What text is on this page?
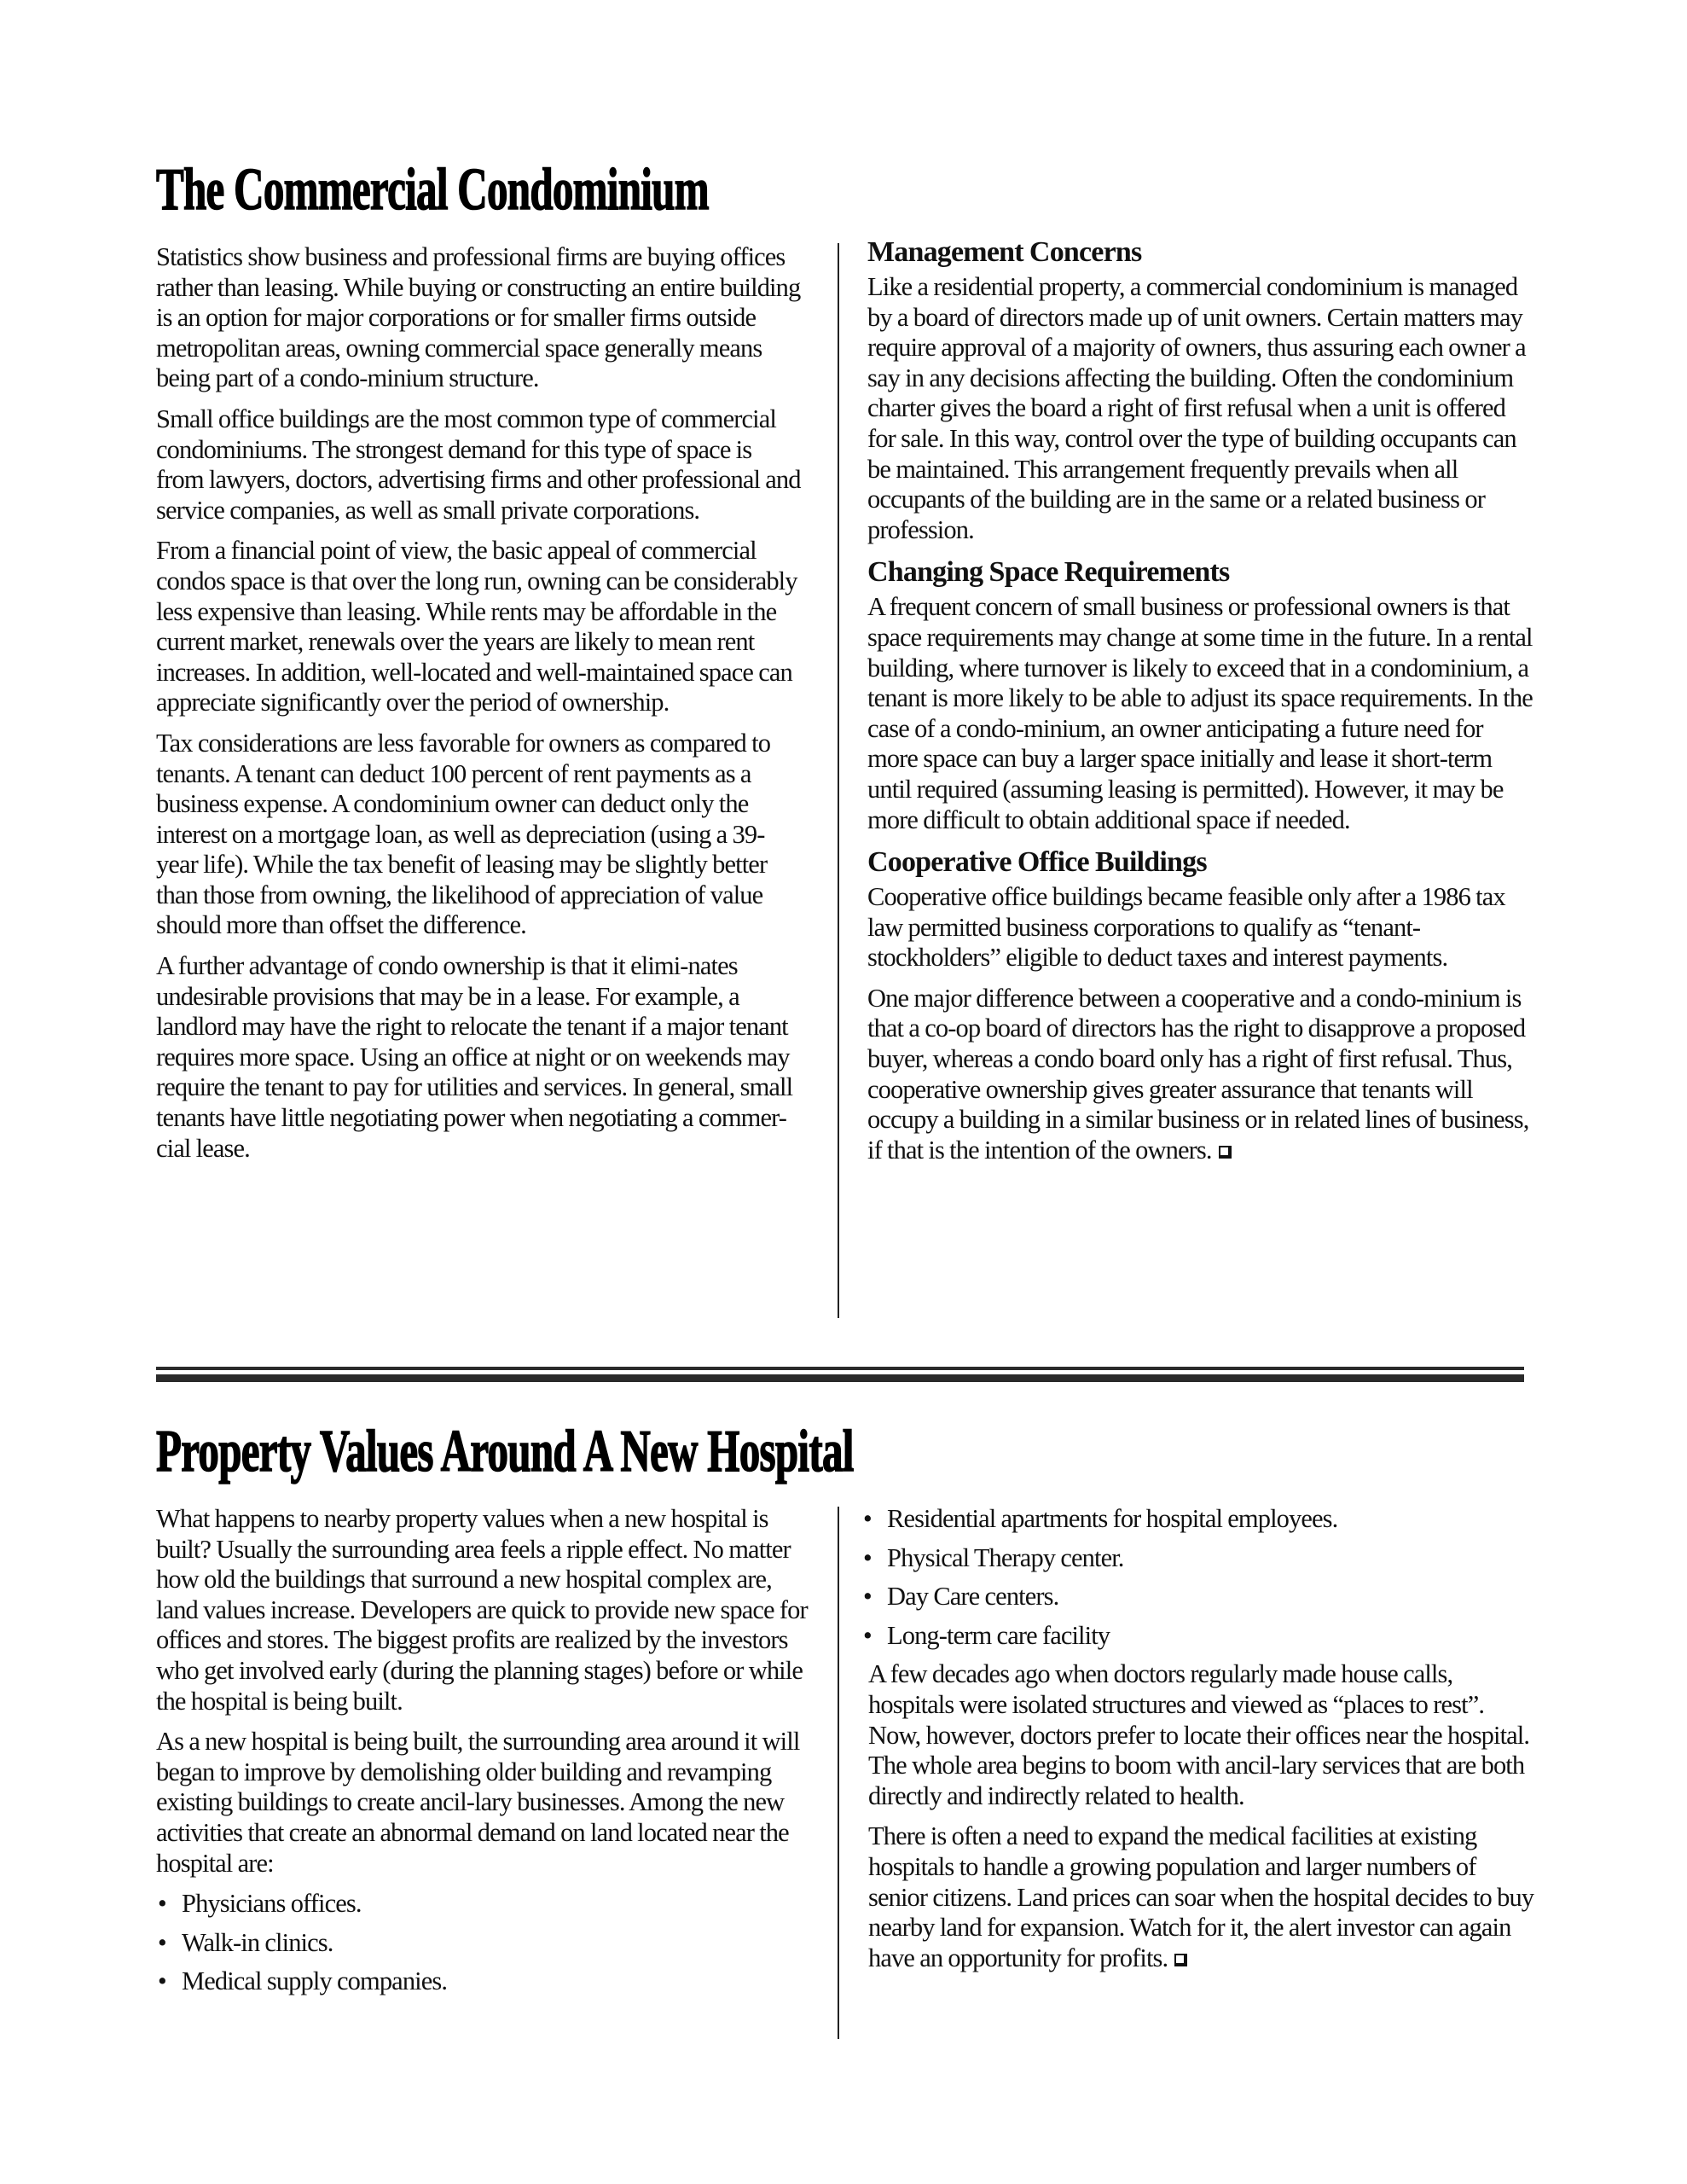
The Commercial Condominium

Statistics show business and professional firms are buying offices rather than leasing. While buying or constructing an entire building is an option for major corporations or for smaller firms outside metropolitan areas, owning commercial space generally means being part of a condo-minium structure.

Small office buildings are the most common type of commercial condominiums. The strongest demand for this type of space is from lawyers, doctors, advertising firms and other professional and service companies, as well as small private corporations.

From a financial point of view, the basic appeal of commercial condos space is that over the long run, owning can be considerably less expensive than leasing. While rents may be affordable in the current market, renewals over the years are likely to mean rent increases. In addition, well-located and well-maintained space can appreciate significantly over the period of ownership.

Tax considerations are less favorable for owners as compared to tenants. A tenant can deduct 100 percent of rent payments as a business expense. A condominium owner can deduct only the interest on a mortgage loan, as well as depreciation (using a 39-year life). While the tax benefit of leasing may be slightly better than those from owning, the likelihood of appreciation of value should more than offset the difference.

A further advantage of condo ownership is that it elimi-nates undesirable provisions that may be in a lease. For example, a landlord may have the right to relocate the tenant if a major tenant requires more space. Using an office at night or on weekends may require the tenant to pay for utilities and services. In general, small tenants have little negotiating power when negotiating a commer-cial lease.

Management Concerns

Like a residential property, a commercial condominium is managed by a board of directors made up of unit owners. Certain matters may require approval of a majority of owners, thus assuring each owner a say in any decisions affecting the building. Often the condominium charter gives the board a right of first refusal when a unit is offered for sale. In this way, control over the type of building occupants can be maintained. This arrangement frequently prevails when all occupants of the building are in the same or a related business or profession.

Changing Space Requirements

A frequent concern of small business or professional owners is that space requirements may change at some time in the future. In a rental building, where turnover is likely to exceed that in a condominium, a tenant is more likely to be able to adjust its space requirements. In the case of a condo-minium, an owner anticipating a future need for more space can buy a larger space initially and lease it short-term until required (assuming leasing is permitted). However, it may be more difficult to obtain additional space if needed.

Cooperative Office Buildings

Cooperative office buildings became feasible only after a 1986 tax law permitted business corporations to qualify as “tenant-stockholders” eligible to deduct taxes and interest payments.

One major difference between a cooperative and a condo-minium is that a co-op board of directors has the right to disapprove a proposed buyer, whereas a condo board only has a right of first refusal. Thus, cooperative ownership gives greater assurance that tenants will occupy a building in a similar business or in related lines of business, if that is the intention of the owners.

Property Values Around A New Hospital

What happens to nearby property values when a new hospital is built? Usually the surrounding area feels a ripple effect. No matter how old the buildings that surround a new hospital complex are, land values increase. Developers are quick to provide new space for offices and stores. The biggest profits are realized by the investors who get involved early (during the planning stages) before or while the hospital is being built.

As a new hospital is being built, the surrounding area around it will began to improve by demolishing older building and revamping existing buildings to create ancil-lary businesses. Among the new activities that create an abnormal demand on land located near the hospital are:

• Physicians offices.
• Walk-in clinics.
• Medical supply companies.
• Residential apartments for hospital employees.
• Physical Therapy center.
• Day Care centers.
• Long-term care facility

A few decades ago when doctors regularly made house calls, hospitals were isolated structures and viewed as “places to rest”. Now, however, doctors prefer to locate their offices near the hospital. The whole area begins to boom with ancil-lary services that are both directly and indirectly related to health.

There is often a need to expand the medical facilities at existing hospitals to handle a growing population and larger numbers of senior citizens. Land prices can soar when the hospital decides to buy nearby land for expansion. Watch for it, the alert investor can again have an opportunity for profits.
